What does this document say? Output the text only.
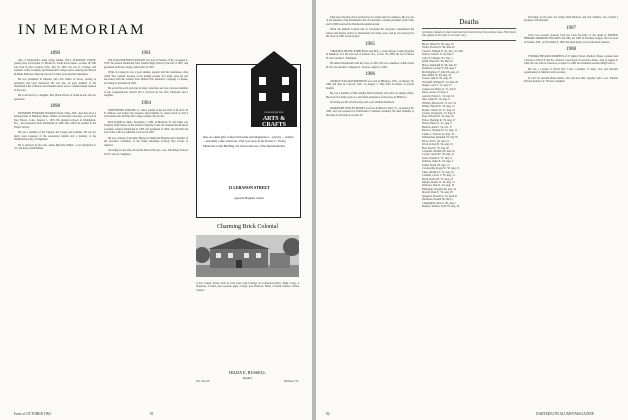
IN MEMORIAM
1890

One of Dartmouth's oldest living alumni, WILL ATKINSON CHASE, passed away at his home, 27 Martin St., South Acton, Mass., on June 18. Will was born in New London, N.H., July 16, 1867, the son of a farmer, and attended Colby Academy and Dartmouth College before entering the Boston & Maine Railroad, where he served for many years until his retirement.

He was prominent in Masonic and civic affairs of Acton, serving as selectman and town moderator. He was also an early member of the Dartmouth Club of Boston and attended nearly every Commencement reunion of his class.

He is survived by a daughter, Mrs. Harold Davis of South Acton, and two grandsons.

1898

RAYMOND EVERARD WALKER Swain of Rye, N.H., died June 26 at a nursing home in Hampton, Mass. Walker, an insurance executive, was born in New Haven, Conn., January 1, 1876. He attended schools in Washington, D.C., and graduated from Dartmouth in 1898 after which he studied at the Thayer School.

He was a member of Psi Upsilon and Casque and Gauntlet. He was for many years treasurer of the Associated Alumni and a member of the Dartmouth Society of Engineers.

He is survived by his wife, Annie Marcella Walker; a son, Raymond Jr. '27; and three grandchildren.

1901

WILLIAM WHITTIER CRUSSON was born in Nashua, N.H., on August 4, 1879. He entered Dartmouth from Nashua High School in the fall of 1897, and graduated from the College with honors in 1901.

While in college he was a good student, popular with his classmates, often called 'The General' because of his upright posture. For many years he was associated with the Granite State Mutual Fire Insurance Company of Keene, becoming its president in 1935.

He served his town and state in many capacities and was a devoted member of the Congregational Church. He is survived by his wife, Elizabeth, and a daughter.

1904

JOHN HENRY WATSON, Jr., senior partner in the law firm of M. & W. & D. Johnson, and former city treasurer, died suddenly of a heart attack on July 6 at his home near the Harvard College campus. He was 80.

Born in Milford, Mass., November 1, 1881, in Bradford, Vt., his father was formerly Chief Justice of the Vermont Supreme Court. He attended the Bradford Academy, entered Dartmouth in 1900 and graduated in 1904, and the Harvard Law School. He was admitted to the bar in 1907.

He was a trustee of the Mary Hitchcock Memorial Hospital and a member of the executive committee of the White Mountain Council, Boy Scouts of America.

Surviving are his wife, the former Marion Woods, a son, John Henry Watson III '35, and two daughters.

LEAGUE OF N.H.
ARTS &
CRAFTS
One-of-a-kind gifts crafted with pride and imagination ... jewelry ... textiles ... and many other selections. Visit your shop in the Robert C. Strong Memorial Crafts Building, the barn in the rear of the Dartmouth Inn.
13 LEBANON STREET
opposite Hopkins Center
Charming Brick Colonial
A few country homes with 10 acres land, long frontage on Connecticut River. Eight rooms, 3 fireplaces, 4 baths, plus separate guest cottage; near Hanover. Many Colonial features. Offers wanted.
HILDA E. RUSSELL
Realtor
Tel. 354-W	Windsor, Vt.
Issue of OCTOBER 1962	91

John never married and is survived by two sisters and two nephews. He was one of the founders of the Dartmouth Club of Cleveland, a former president of the Club, and in 1960 received the Dartmouth Alumni Award.

When the Alumni Council met in Cleveland his associates remembered his sincere and tireless service to Dartmouth over many years, and he was honored by the Class of 1905 for his loyalty.

1905

VIRGINIUS FRANK ESHELMAN died May 1 at the Mercer County Hospital in Hamilton, N.J. He was born at Trenton, N.J., on Oct. 30, 1883, the son of Simon H. and Caroline L. Eshelman.

He entered Dartmouth with the Class of 1905 and was a member of Beta Theta Pi. He was married to Margaret L. Preston, August 4, 1962.

1906

GEORGE WILLIAM ROBINSON was born in Hillsboro, N.H., on January 18, 1882 and died in Concord, N.H., on August 7, 1962 after an illness of several months.

He was a member of Phi Gamma Delta fraternity and active in alumni affairs. He served for many years as a selectman and justice of the peace in Hillsboro.

Surviving are his wife, Dorothy, and a son, William Robinson.

RANDOLPH WESLEY MOREY was born in Bellows Falls, Vt., on January 30, 1883, and was prepared for Dartmouth at Vermont Academy. He died suddenly at his home in Woodstock on June 20.

Deaths
[A listing of deaths of which word has been received since the previous issue. Full notices may appear in this issue or in a later one.]
Myers, Walter W. '90, Aug. 19
Swain, Everard W. '98, June 29
Crusson, William W. '01, Dec. 16, 1961
Watson, John H. Jr. '04, July 6
Ladd, F. Chandler '05, Sept. 1
Smith, Harold B. '06, May 19
Morey, Randolph W. '06, June 20
Robinson, George W. '06, Aug. 7
MacNaughton, F. John '06, Aug. 22
Rust, Philip W. '08, Aug. 18
Towne, John D. '09, Aug. 28
Woodruff, William N. '10, June 29
Draper, Cecil T. '11, Aug. 27
Greenwood, Harry R. '11, July 8
Davis, Aaron '13, Aug. 4
Gerlach, Edwin C. '13, July 16
Otis, Luther B. '14, Aug. 8
Whitney, Mervin M. '15, Oct. 22
Walker, Harold W. '16, Aug. 13
Bryant, Charles W. '17, Aug. 24
Gordon, Douglas R. '18, Sept. 8
Ryan, Edward M. '18, Aug. 30
Fulton, Hastings R. '19, Aug. 27
Norris, Parker G. '21, Aug. 9
Bullock, Allen J. '22, Oct. 17
Barrows, Thomas W. '22, Aug. 12
Cullen, L. Francis '22, Sept. 23
Zimmerman, Rudolph '23, July 30
Peck, Carl N. '24, Sept. 11
Wood, Robert B. '24, Aug. 19
Hart, Fred W. '25, July 28
Copeland, William '26, June 24
Crosby, Gerald W. '26, Aug. 31
Zerbe, Donald E. '27, July 11
Sullivan, James E. '29, Aug. 2
Luther, Frank '29, Aug. 13
Colesworthy, Roger W. '30, Aug. 25
Chase, Richard V. '31, Aug. 16
Crandall, Carlos T. '33, Aug. 12
Hatch, Robert H. '37, Aug. 23
Perkins, Robert W. '40, Aug. 15
Jefferson, Dale O. '45, Aug. 19
Dunbaugh, Douglas '49, Aug. 14
Morrell, Peter E. '52, Aug. 20
Spurgeon, Donald A. '55, April 21
Duchesne, Donald '60, May 5
Cunningham, Paul G. '62, Aug. 1
Pulakos, Vasilios, LLB '78, Aug. 26

Surviving are his wife, the former Ruth Harmon, and four children, one of them a graduate of Dartmouth.

1907

Word was recently received from the Class Secretary of the death of ARTHUR HERMAN MORROW FOGARTY last May 26, 1962 in Portland, Oregon. He was born in Nashua, N.H., on November 8, 1885 and spent many years in the hotel business.

1908

THOMAS EDWARD ANDREWS of 27 Quincy Street, Medford, Mass., treasurer and a director of the N.F. and F.C. Andrew Corporation of Lawrence, Mass., died on August 9, 1962. He was born in Lawrence on April 14, 1885 and attended Lawrence High School.

He was a veteran of World War I and a member of many civic and fraternal organizations in Medford and Lawrence.

In 1917 he married Helen Kibbe, who survives him, together with a son, Thomas Edward Andrews Jr. '38 and a daughter.

92	DARTMOUTH ALUMNI MAGAZINE
